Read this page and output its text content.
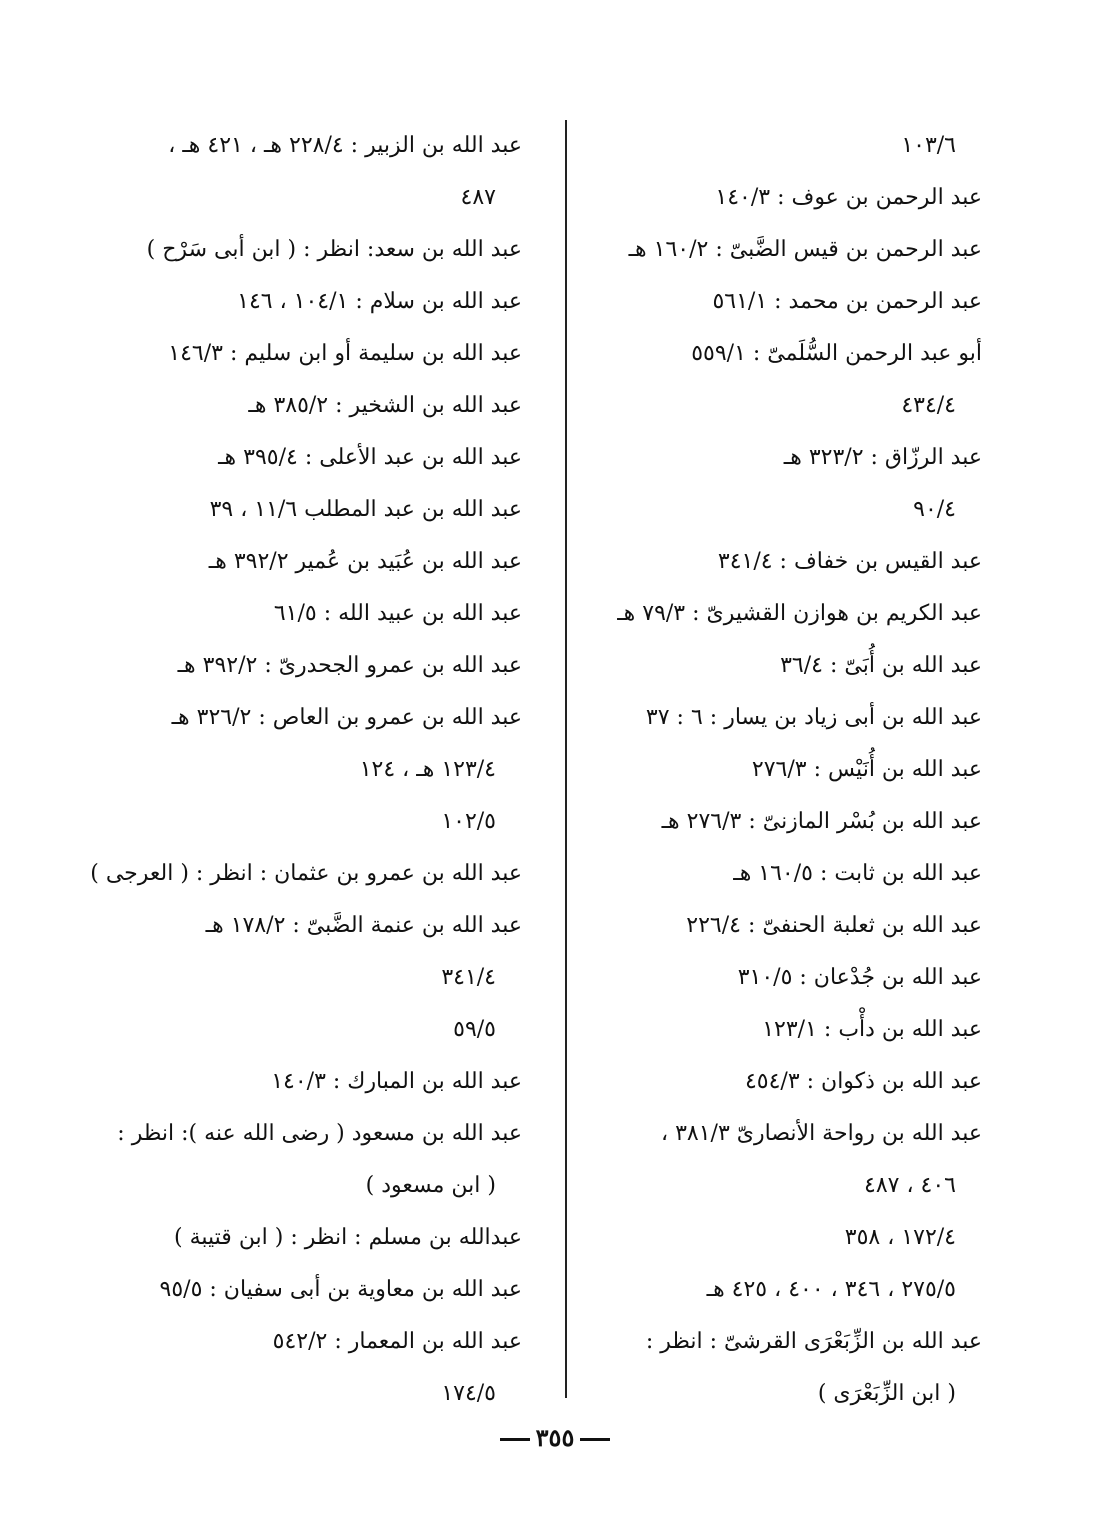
١٠٣/٦
عبد الرحمن بن عوف : ١٤٠/٣
عبد الرحمن بن قيس الضَّبىّ : ١٦٠/٢ هـ
عبد الرحمن بن محمد : ٥٦١/١
أبو عبد الرحمن السُّلَمىّ : ٥٥٩/١
٤٣٤/٤
عبد الرزّاق : ٣٢٣/٢ هـ
٩٠/٤
عبد القيس بن خفاف : ٣٤١/٤
عبد الكريم بن هوازن القشيرىّ : ٧٩/٣ هـ
عبد الله بن أُبَىّ : ٣٦/٤
عبد الله بن أبى زياد بن يسار : ٦ : ٣٧
عبد الله بن أُنَيْس : ٢٧٦/٣
عبد الله بن بُسْر المازنىّ : ٢٧٦/٣ هـ
عبد الله بن ثابت : ١٦٠/٥ هـ
عبد الله بن ثعلبة الحنفىّ : ٢٢٦/٤
عبد الله بن جُدْعان : ٣١٠/٥
عبد الله بن دأْب : ١٢٣/١
عبد الله بن ذكوان : ٤٥٤/٣
عبد الله بن رواحة الأنصارىّ ٣٨١/٣ ،
٤٠٦ ، ٤٨٧
١٧٢/٤ ، ٣٥٨
٢٧٥/٥ ، ٣٤٦ ، ٤٠٠ ، ٤٢٥ هـ
عبد الله بن الزِّبَعْرَى القرشىّ : انظر :
( ابن الزِّبَعْرَى )
عبد الله بن الزبير : ٢٢٨/٤ هـ ، ٤٢١ هـ ،
٤٨٧
عبد الله بن سعد: انظر : ( ابن أبى سَرْح )
عبد الله بن سلام : ١٠٤/١ ، ١٤٦
عبد الله بن سليمة أو ابن سليم : ١٤٦/٣
عبد الله بن الشخير : ٣٨٥/٢ هـ
عبد الله بن عبد الأعلى : ٣٩٥/٤ هـ
عبد الله بن عبد المطلب ١١/٦ ، ٣٩
عبد الله بن عُبَيد بن عُمير ٣٩٢/٢ هـ
عبد الله بن عبيد الله : ٦١/٥
عبد الله بن عمرو الجحدرىّ : ٣٩٢/٢ هـ
عبد الله بن عمرو بن العاص : ٣٢٦/٢ هـ
١٢٣/٤ هـ ، ١٢٤
١٠٢/٥
عبد الله بن عمرو بن عثمان : انظر : ( العرجى )
عبد الله بن عنمة الضَّبىّ : ١٧٨/٢ هـ
٣٤١/٤
٥٩/٥
عبد الله بن المبارك : ١٤٠/٣
عبد الله بن مسعود ( رضى الله عنه ): انظر :
( ابن مسعود )
عبدالله بن مسلم : انظر : ( ابن قتيبة )
عبد الله بن معاوية بن أبى سفيان : ٩٥/٥
عبد الله بن المعمار : ٥٤٢/٢
١٧٤/٥
٣٥٥
